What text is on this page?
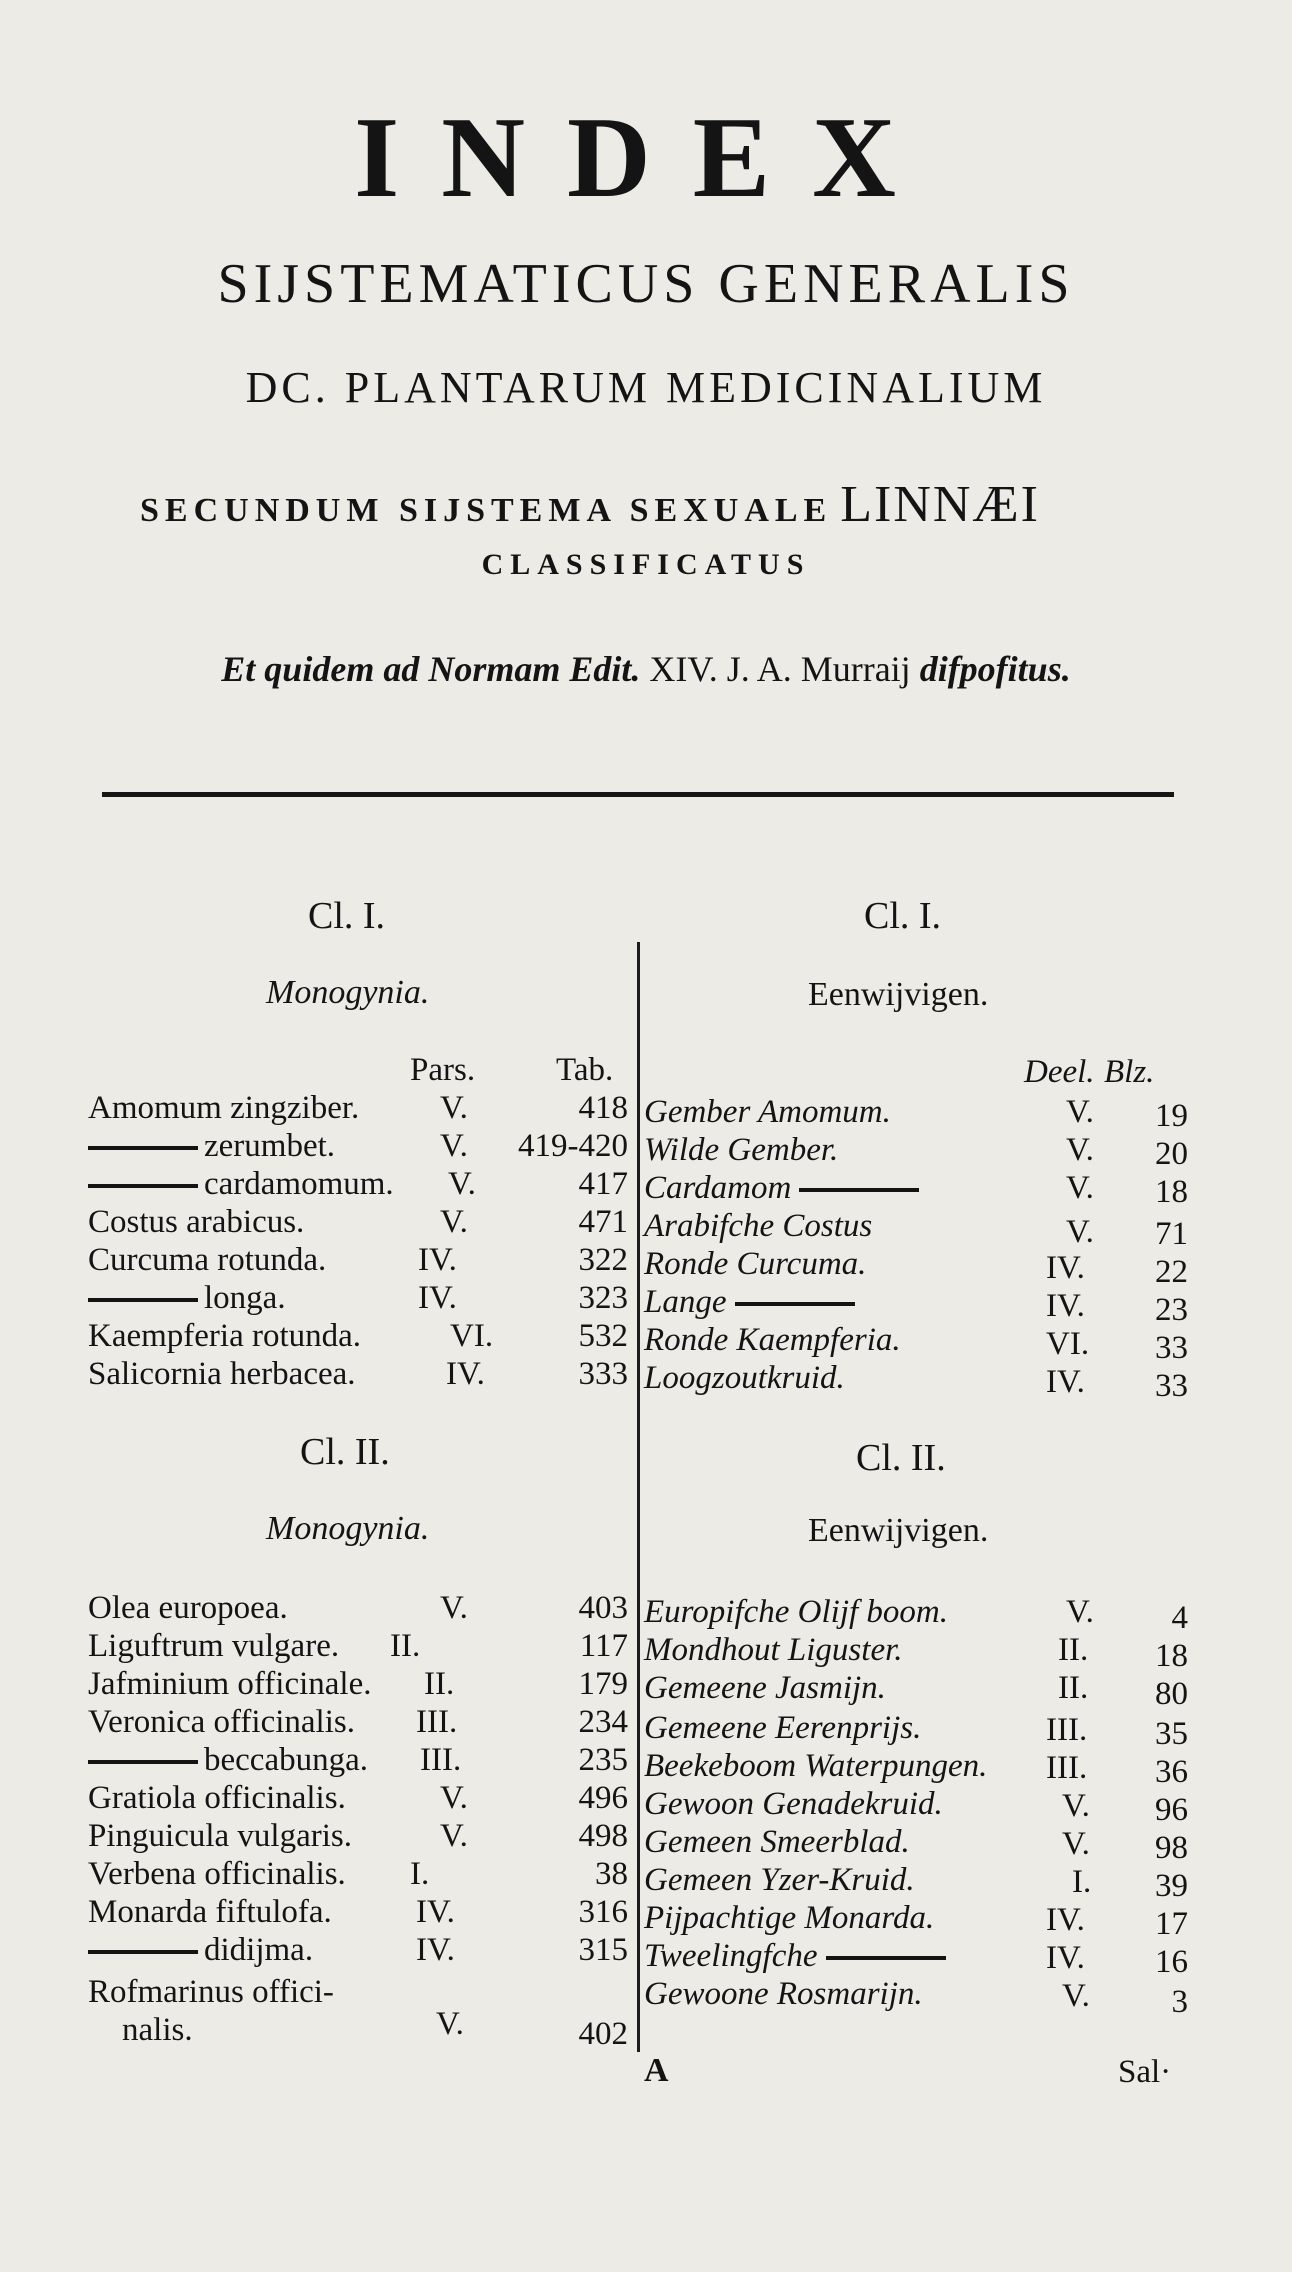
INDEX
SIJSTEMATICUS GENERALIS
DC. PLANTARUM MEDICINALIUM
SECUNDUM SIJSTEMA SEXUALE LINNÆI
CLASSIFICATUS
Et quidem ad Normam Edit. XIV. J. A. Murraij difpofitus.
Cl. I.
Monogynia.
Pars. Tab.
Amomum zingziber. V.	418
zerumbet.	V.	419-420
cardamomum. V.	417
Costus arabicus.	V.	471
Curcuma rotunda.	IV.	322
longa.	IV.	323
Kaempferia rotunda.	VI.	532
Salicornia herbacea.	IV.	333
Cl. II.
Monogynia.
Olea europoea.	V.	403
Liguftrum vulgare. II.	117
Jafminium officinale. II.	179
Veronica officinalis. III.	234
beccabunga. III.	235
Gratiola officinalis.	V.	496
Pinguicula vulgaris.	V.	498
Verbena officinalis. I.	38
Monarda fiftulofa.	IV.	316
didijma.	IV.	315
Rofmarinus offici-
nalis.	V.	402
Cl. I.
Eenwijvigen.
Deel. Blz.
Gember Amomum.	V.	19
Wilde Gember.	V.	20
Cardamom	V.	18
Arabifche Costus	V.	71
Ronde Curcuma.	IV.	22
Lange	IV.	23
Ronde Kaempferia.	VI.	33
Loogzoutkruid.	IV.	33
Cl. II.
Eenwijvigen.
Europifche Olijf boom.	V.	4
Mondhout Liguster.	II.	18
Gemeene Jasmijn.	II.	80
Gemeene Eerenprijs.	III.	35
Beekeboom Waterpungen. III.	36
Gewoon Genadekruid.	V.	96
Gemeen Smeerblad.	V.	98
Gemeen Yzer-Kruid.	I.	39
Pijpachtige Monarda.	IV.	17
Tweelingfche	IV.	16
Gewoone Rosmarijn.	V.	3
A	Sal·
